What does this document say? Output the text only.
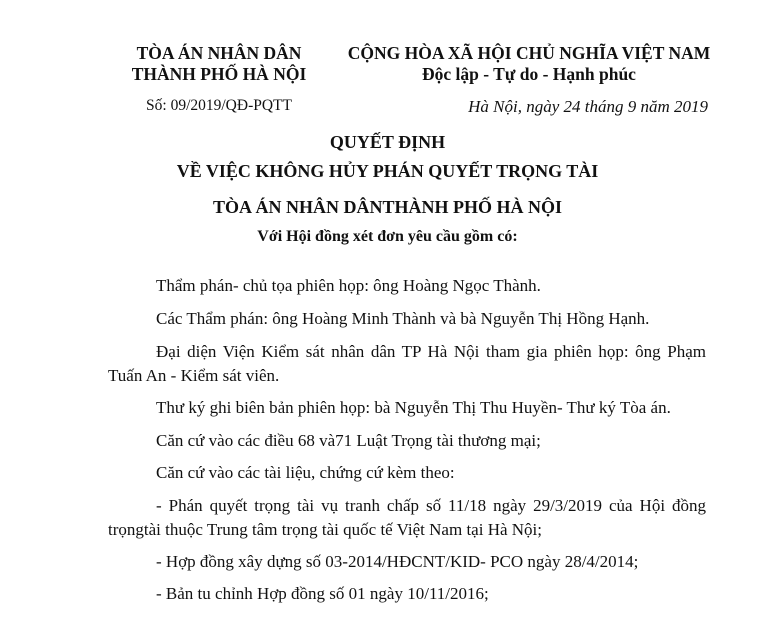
TÒA ÁN NHÂN DÂN
THÀNH PHỐ HÀ NỘI
CỘNG HÒA XÃ HỘI CHỦ NGHĨA VIỆT NAM
Độc lập - Tự do - Hạnh phúc
Số: 09/2019/QĐ-PQTT	Hà Nội, ngày 24 tháng 9 năm 2019
QUYẾT ĐỊNH
VỀ VIỆC KHÔNG HỦY PHÁN QUYẾT TRỌNG TÀI
TÒA ÁN NHÂN DÂNTHÀNH PHỐ HÀ NỘI
Với Hội đồng xét đơn yêu cầu gồm có:
Thẩm phán- chủ tọa phiên họp: ông Hoàng Ngọc Thành.
Các Thẩm phán: ông Hoàng Minh Thành và bà Nguyễn Thị Hồng Hạnh.
Đại diện Viện Kiểm sát nhân dân TP Hà Nội tham gia phiên họp: ông Phạm Tuấn An - Kiểm sát viên.
Thư ký ghi biên bản phiên họp: bà Nguyễn Thị Thu Huyền- Thư ký Tòa án.
Căn cứ vào các điều 68 và71 Luật Trọng tài thương mại;
Căn cứ vào các tài liệu, chứng cứ kèm theo:
- Phán quyết trọng tài vụ tranh chấp số 11/18 ngày 29/3/2019 của Hội đồng trọngtài thuộc Trung tâm trọng tài quốc tế Việt Nam tại Hà Nội;
- Hợp đồng xây dựng số 03-2014/HĐCNT/KID- PCO ngày 28/4/2014;
- Bản tu chỉnh Hợp đồng số 01 ngày 10/11/2016;
